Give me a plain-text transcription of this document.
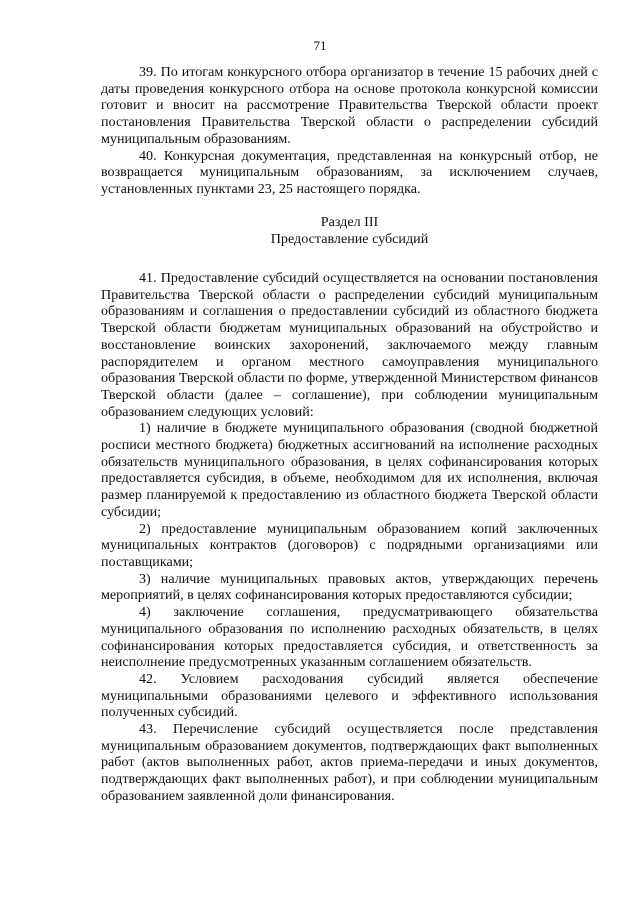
71

39. По итогам конкурсного отбора организатор в течение 15 рабочих дней с даты проведения конкурсного отбора на основе протокола конкурсной комиссии готовит и вносит на рассмотрение Правительства Тверской области проект постановления Правительства Тверской области о распределении субсидий муниципальным образованиям.

40. Конкурсная документация, представленная на конкурсный отбор, не возвращается муниципальным образованиям, за исключением случаев, установленных пунктами 23, 25 настоящего порядка.

Раздел III
Предоставление субсидий

41. Предоставление субсидий осуществляется на основании постановления Правительства Тверской области о распределении субсидий муниципальным образованиям и соглашения о предоставлении субсидий из областного бюджета Тверской области бюджетам муниципальных образований на обустройство и восстановление воинских захоронений, заключаемого между главным распорядителем и органом местного самоуправления муниципального образования Тверской области по форме, утвержденной Министерством финансов Тверской области (далее – соглашение), при соблюдении муниципальным образованием следующих условий:

1) наличие в бюджете муниципального образования (сводной бюджетной росписи местного бюджета) бюджетных ассигнований на исполнение расходных обязательств муниципального образования, в целях софинансирования которых предоставляется субсидия, в объеме, необходимом для их исполнения, включая размер планируемой к предоставлению из областного бюджета Тверской области субсидии;

2) предоставление муниципальным образованием копий заключенных муниципальных контрактов (договоров) с подрядными организациями или поставщиками;

3) наличие муниципальных правовых актов, утверждающих перечень мероприятий, в целях софинансирования которых предоставляются субсидии;

4) заключение соглашения, предусматривающего обязательства муниципального образования по исполнению расходных обязательств, в целях софинансирования которых предоставляется субсидия, и ответственность за неисполнение предусмотренных указанным соглашением обязательств.

42. Условием расходования субсидий является обеспечение муниципальными образованиями целевого и эффективного использования полученных субсидий.

43. Перечисление субсидий осуществляется после представления муниципальным образованием документов, подтверждающих факт выполненных работ (актов выполненных работ, актов приема-передачи и иных документов, подтверждающих факт выполненных работ), и при соблюдении муниципальным образованием заявленной доли финансирования.
